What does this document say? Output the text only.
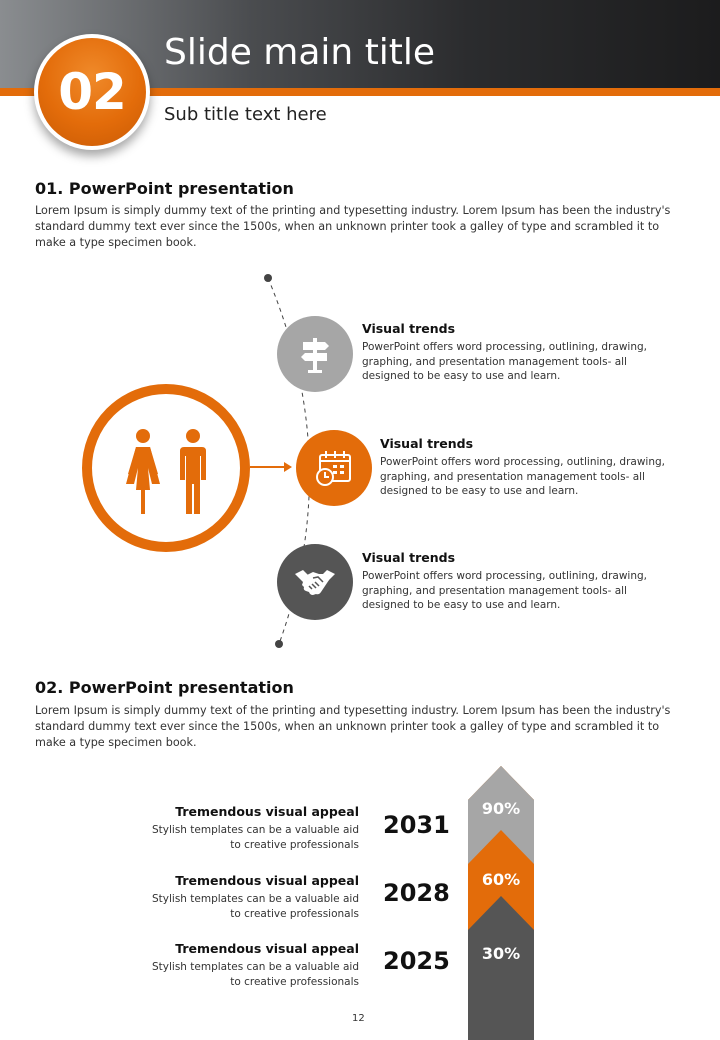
02
Slide main title
Sub title text here
01. PowerPoint presentation
Lorem Ipsum is simply dummy text of the printing and typesetting industry. Lorem Ipsum has been the industry's standard dummy text ever since the 1500s, when an unknown printer took a galley of type and scrambled it to make a type specimen book.
Visual trends
PowerPoint offers word processing, outlining, drawing, graphing, and presentation management tools- all designed to be easy to use and learn.
Visual trends
PowerPoint offers word processing, outlining, drawing, graphing, and presentation management tools- all designed to be easy to use and learn.
Visual trends
PowerPoint offers word processing, outlining, drawing, graphing, and presentation management tools- all designed to be easy to use and learn.
02. PowerPoint presentation
Lorem Ipsum is simply dummy text of the printing and typesetting industry. Lorem Ipsum has been the industry's standard dummy text ever since the 1500s, when an unknown printer took a galley of type and scrambled it to make a type specimen book.
Tremendous visual appeal
Stylish templates can be a valuable aid to creative professionals
2031
Tremendous visual appeal
Stylish templates can be a valuable aid to creative professionals
2028
Tremendous visual appeal
Stylish templates can be a valuable aid to creative professionals
2025
90%
60%
30%
12
